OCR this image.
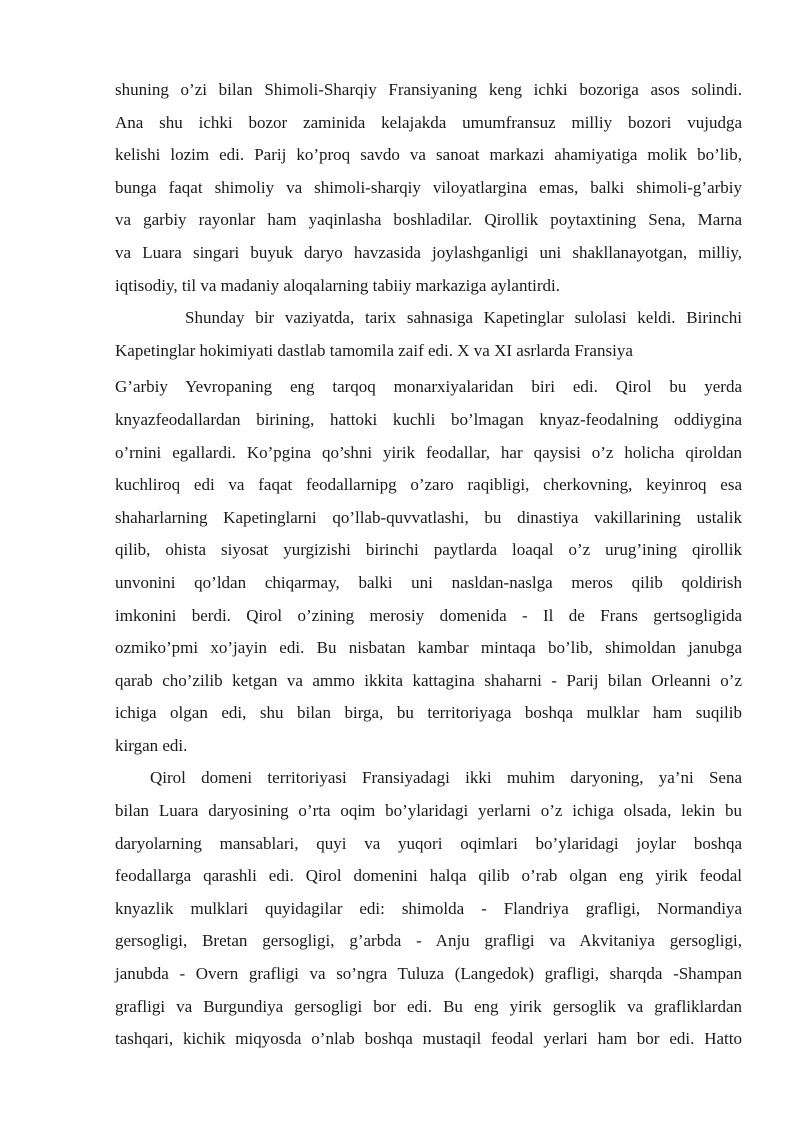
shuning o’zi bilan Shimoli-Sharqiy Fransiyaning keng ichki bozoriga asos solindi.
Ana shu ichki bozor zaminida kelajakda umumfransuz milliy bozori vujudga
kelishi lozim edi. Parij ko’proq savdo va sanoat markazi ahamiyatiga molik bo’lib,
bunga faqat shimoliy va shimoli-sharqiy viloyatlargina emas, balki shimoli-g’arbiy
va garbiy rayonlar ham yaqinlasha boshladilar. Qirollik poytaxtining Sena, Marna
va Luara singari buyuk daryo havzasida joylashganligi uni shakllanayotgan, milliy,
iqtisodiy, til va madaniy aloqalarning tabiiy markaziga aylantirdi.
Shunday bir vaziyatda, tarix sahnasiga Kapetinglar sulolasi keldi. Birinchi
Kapetinglar hokimiyati dastlab tamomila zaif edi. X va XI asrlarda Fransiya
G’arbiy Yevropaning eng tarqoq monarxiyalaridan biri edi. Qirol bu yerda
knyazfeodallardan birining, hattoki kuchli bo’lmagan knyaz-feodalning oddiygina
o’rnini egallardi. Ko’pgina qo’shni yirik feodallar, har qaysisi o’z holicha qiroldan
kuchliroq edi va faqat feodallarnipg o’zaro raqibligi, cherkovning, keyinroq esa
shaharlarning Kapetinglarni qo’llab-quvvatlashi, bu dinastiya vakillarining ustalik
qilib, ohista siyosat yurgizishi birinchi paytlarda loaqal o’z urug’ining qirollik
unvonini qo’ldan chiqarmay, balki uni nasldan-naslga meros qilib qoldirish
imkonini berdi. Qirol o’zining merosiy domenida - Il de Frans gertsogligida
ozmiko’pmi xo’jayin edi. Bu nisbatan kambar mintaqa bo’lib, shimoldan janubga
qarab cho’zilib ketgan va ammo ikkita kattagina shaharni - Parij bilan Orleanni o’z
ichiga olgan edi, shu bilan birga, bu territoriyaga boshqa mulklar ham suqilib
kirgan edi.
Qirol domeni territoriyasi Fransiyadagi ikki muhim daryoning, ya’ni Sena
bilan Luara daryosining o’rta oqim bo’ylaridagi yerlarni o’z ichiga olsada, lekin bu
daryolarning mansablari, quyi va yuqori oqimlari bo’ylaridagi joylar boshqa
feodallarga qarashli edi. Qirol domenini halqa qilib o’rab olgan eng yirik feodal
knyazlik mulklari quyidagilar edi: shimolda - Flandriya grafligi, Normandiya
gersogligi, Bretan gersogligi, g’arbda - Anju grafligi va Akvitaniya gersogligi,
janubda - Overn grafligi va so’ngra Tuluza (Langedok) grafligi, sharqda -Shampan
grafligi va Burgundiya gersogligi bor edi. Bu eng yirik gersoglik va grafliklardan
tashqari, kichik miqyosda o’nlab boshqa mustaqil feodal yerlari ham bor edi. Hatto
